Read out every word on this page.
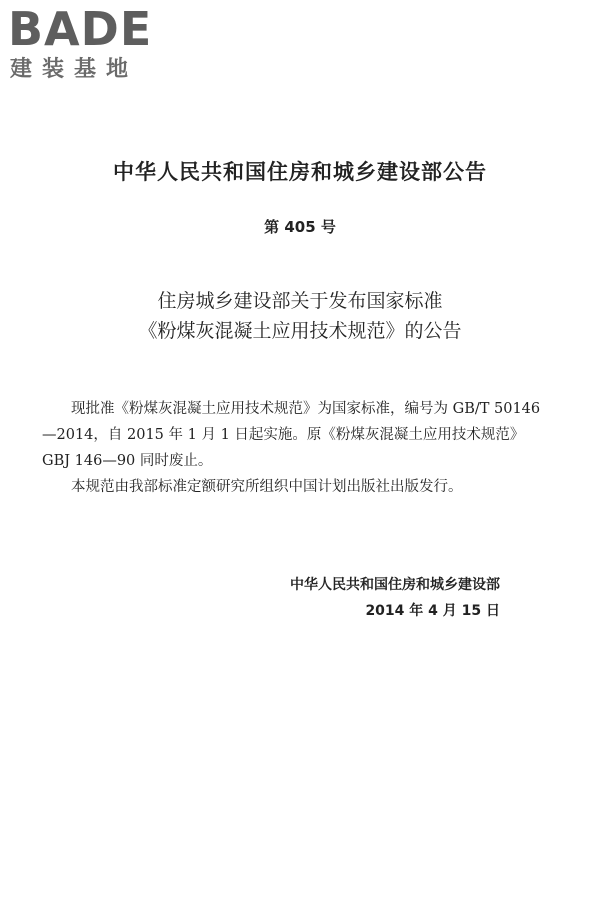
BADE
建装基地
中华人民共和国住房和城乡建设部公告
第 405 号
住房城乡建设部关于发布国家标准
《粉煤灰混凝土应用技术规范》的公告

现批准《粉煤灰混凝土应用技术规范》为国家标准，编号为 GB/T 50146—2014，自 2015 年 1 月 1 日起实施。原《粉煤灰混凝土应用技术规范》GBJ 146—90 同时废止。

本规范由我部标准定额研究所组织中国计划出版社出版发行。

中华人民共和国住房和城乡建设部
2014 年 4 月 15 日
